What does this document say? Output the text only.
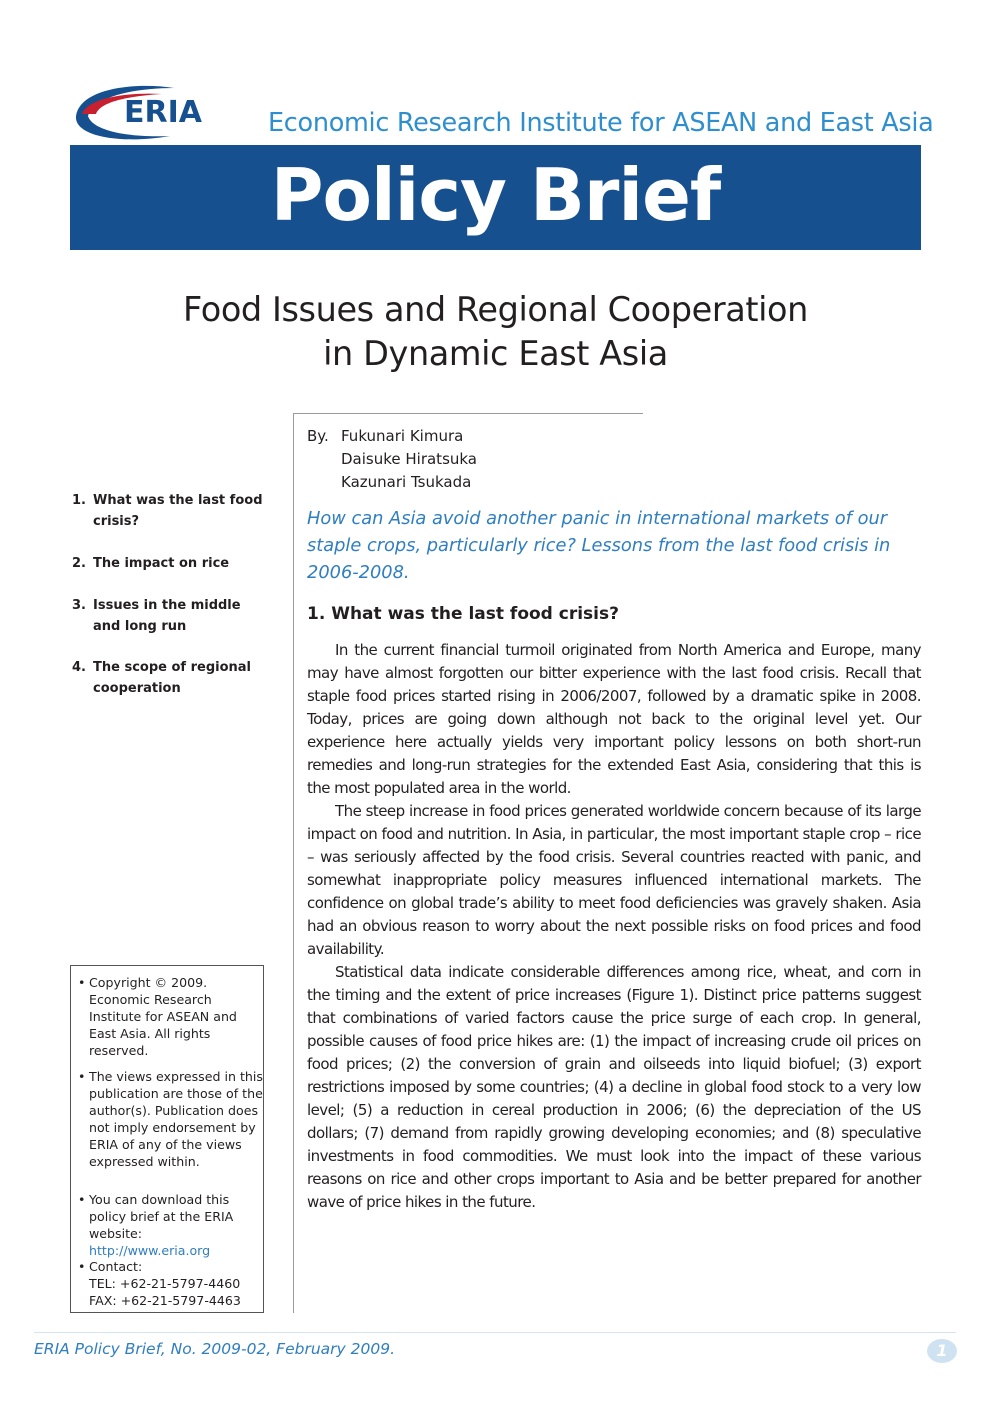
ERIA	Economic Research Institute for ASEAN and East Asia
Policy Brief
Food Issues and Regional Cooperation
in Dynamic East Asia
By. Fukunari Kimura
Daisuke Hiratsuka
Kazunari Tsukada
How can Asia avoid another panic in international markets of our staple crops, particularly rice? Lessons from the last food crisis in 2006-2008.
1. What was the last food crisis?

In the current financial turmoil originated from North America and Europe, many may have almost forgotten our bitter experience with the last food crisis. Recall that staple food prices started rising in 2006/2007, followed by a dramatic spike in 2008. Today, prices are going down although not back to the original level yet. Our experience here actually yields very important policy lessons on both short-run remedies and long-run strategies for the extended East Asia, considering that this is the most populated area in the world.

The steep increase in food prices generated worldwide concern because of its large impact on food and nutrition. In Asia, in particular, the most important staple crop – rice – was seriously affected by the food crisis. Several countries reacted with panic, and somewhat inappropriate policy measures influenced international markets. The confidence on global trade’s ability to meet food deficiencies was gravely shaken. Asia had an obvious reason to worry about the next possible risks on food prices and food availability.

Statistical data indicate considerable differences among rice, wheat, and corn in the timing and the extent of price increases (Figure 1). Distinct price patterns suggest that combinations of varied factors cause the price surge of each crop. In general, possible causes of food price hikes are: (1) the impact of increasing crude oil prices on food prices; (2) the conversion of grain and oilseeds into liquid biofuel; (3) export restrictions imposed by some countries; (4) a decline in global food stock to a very low level; (5) a reduction in cereal production in 2006; (6) the depreciation of the US dollars; (7) demand from rapidly growing developing economies; and (8) speculative investments in food commodities. We must look into the impact of these various reasons on rice and other crops important to Asia and be better prepared for another wave of price hikes in the future.

1. What was the last food crisis?
2. The impact on rice
3. Issues in the middle and long run
4. The scope of regional cooperation
• Copyright © 2009. Economic Research Institute for ASEAN and East Asia. All rights reserved.
• The views expressed in this publication are those of the author(s). Publication does not imply endorsement by ERIA of any of the views expressed within.
• You can download this policy brief at the ERIA website:
http://www.eria.org
• Contact:
TEL: +62-21-5797-4460
FAX: +62-21-5797-4463
ERIA Policy Brief, No. 2009-02, February 2009.	1
